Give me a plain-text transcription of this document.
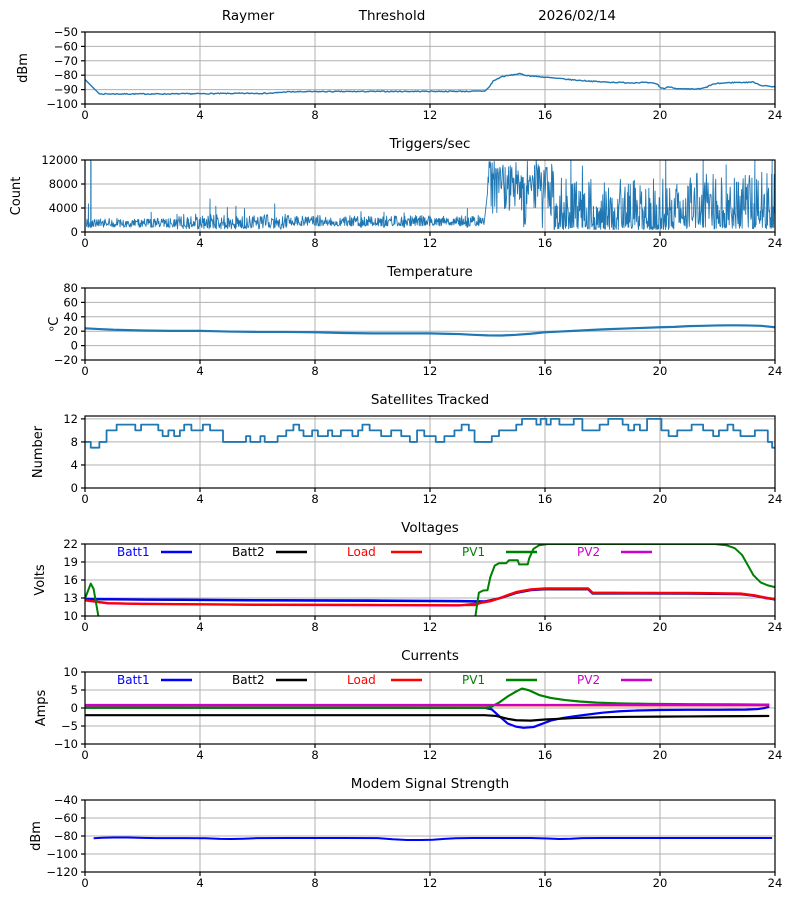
0	4	8	12	16	20	24
−50
−60
−70
−80
−90
−100
Raymer	Threshold	2026/02/14
dBm
0	4	8	12	16	20	24
0
4000
8000
12000
Triggers/sec
Count
0	4	8	12	16	20	24
−20
0
20
40
60
80
Temperature
ᵒC
0	4	8	12	16	20	24
0
4
8
12
Satellites Tracked
Number
0	4	8	12	16	20	24
10
13
16
19
22
Voltages
Volts
Batt1	Batt2	Load	PV1	PV2
0	4	8	12	16	20	24
−10
−5
0
5
10
Currents
Amps
Batt1	Batt2	Load	PV1	PV2
0	4	8	12	16	20	24
−120
−100
−80
−60
−40
Modem Signal Strength
dBm
